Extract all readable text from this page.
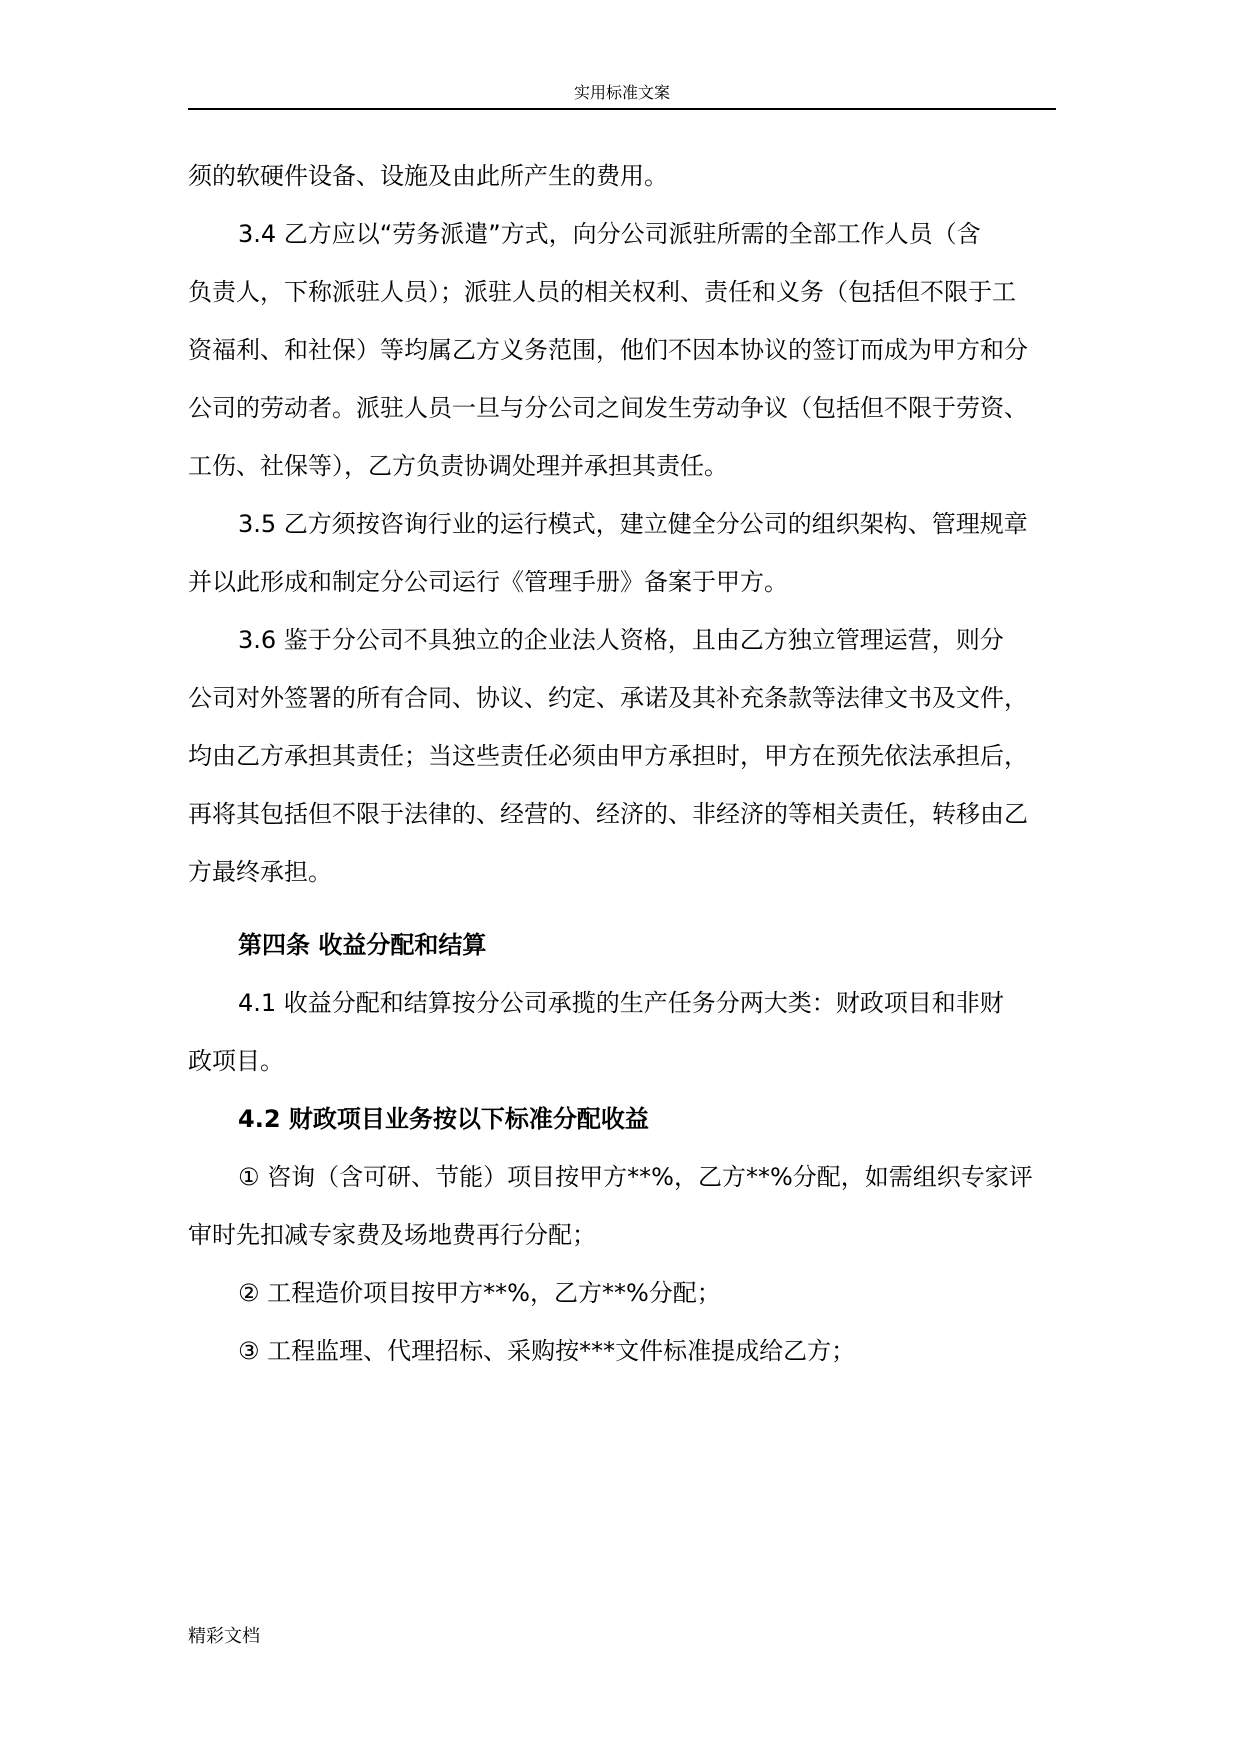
实用标准文案
须的软硬件设备、设施及由此所产生的费用。
3.4 乙方应以“劳务派遣”方式，向分公司派驻所需的全部工作人员（含
负责人，下称派驻人员）；派驻人员的相关权利、责任和义务（包括但不限于工
资福利、和社保）等均属乙方义务范围，他们不因本协议的签订而成为甲方和分
公司的劳动者。派驻人员一旦与分公司之间发生劳动争议（包括但不限于劳资、
工伤、社保等），乙方负责协调处理并承担其责任。
3.5 乙方须按咨询行业的运行模式，建立健全分公司的组织架构、管理规章
并以此形成和制定分公司运行《管理手册》备案于甲方。
3.6 鉴于分公司不具独立的企业法人资格，且由乙方独立管理运营，则分
公司对外签署的所有合同、协议、约定、承诺及其补充条款等法律文书及文件，
均由乙方承担其责任；当这些责任必须由甲方承担时，甲方在预先依法承担后，
再将其包括但不限于法律的、经营的、经济的、非经济的等相关责任，转移由乙
方最终承担。
第四条 收益分配和结算
4.1 收益分配和结算按分公司承揽的生产任务分两大类：财政项目和非财
政项目。
4.2 财政项目业务按以下标准分配收益
① 咨询（含可研、节能）项目按甲方**%，乙方**%分配，如需组织专家评
审时先扣减专家费及场地费再行分配；
② 工程造价项目按甲方**%，乙方**%分配；
③ 工程监理、代理招标、采购按***文件标准提成给乙方；
精彩文档
